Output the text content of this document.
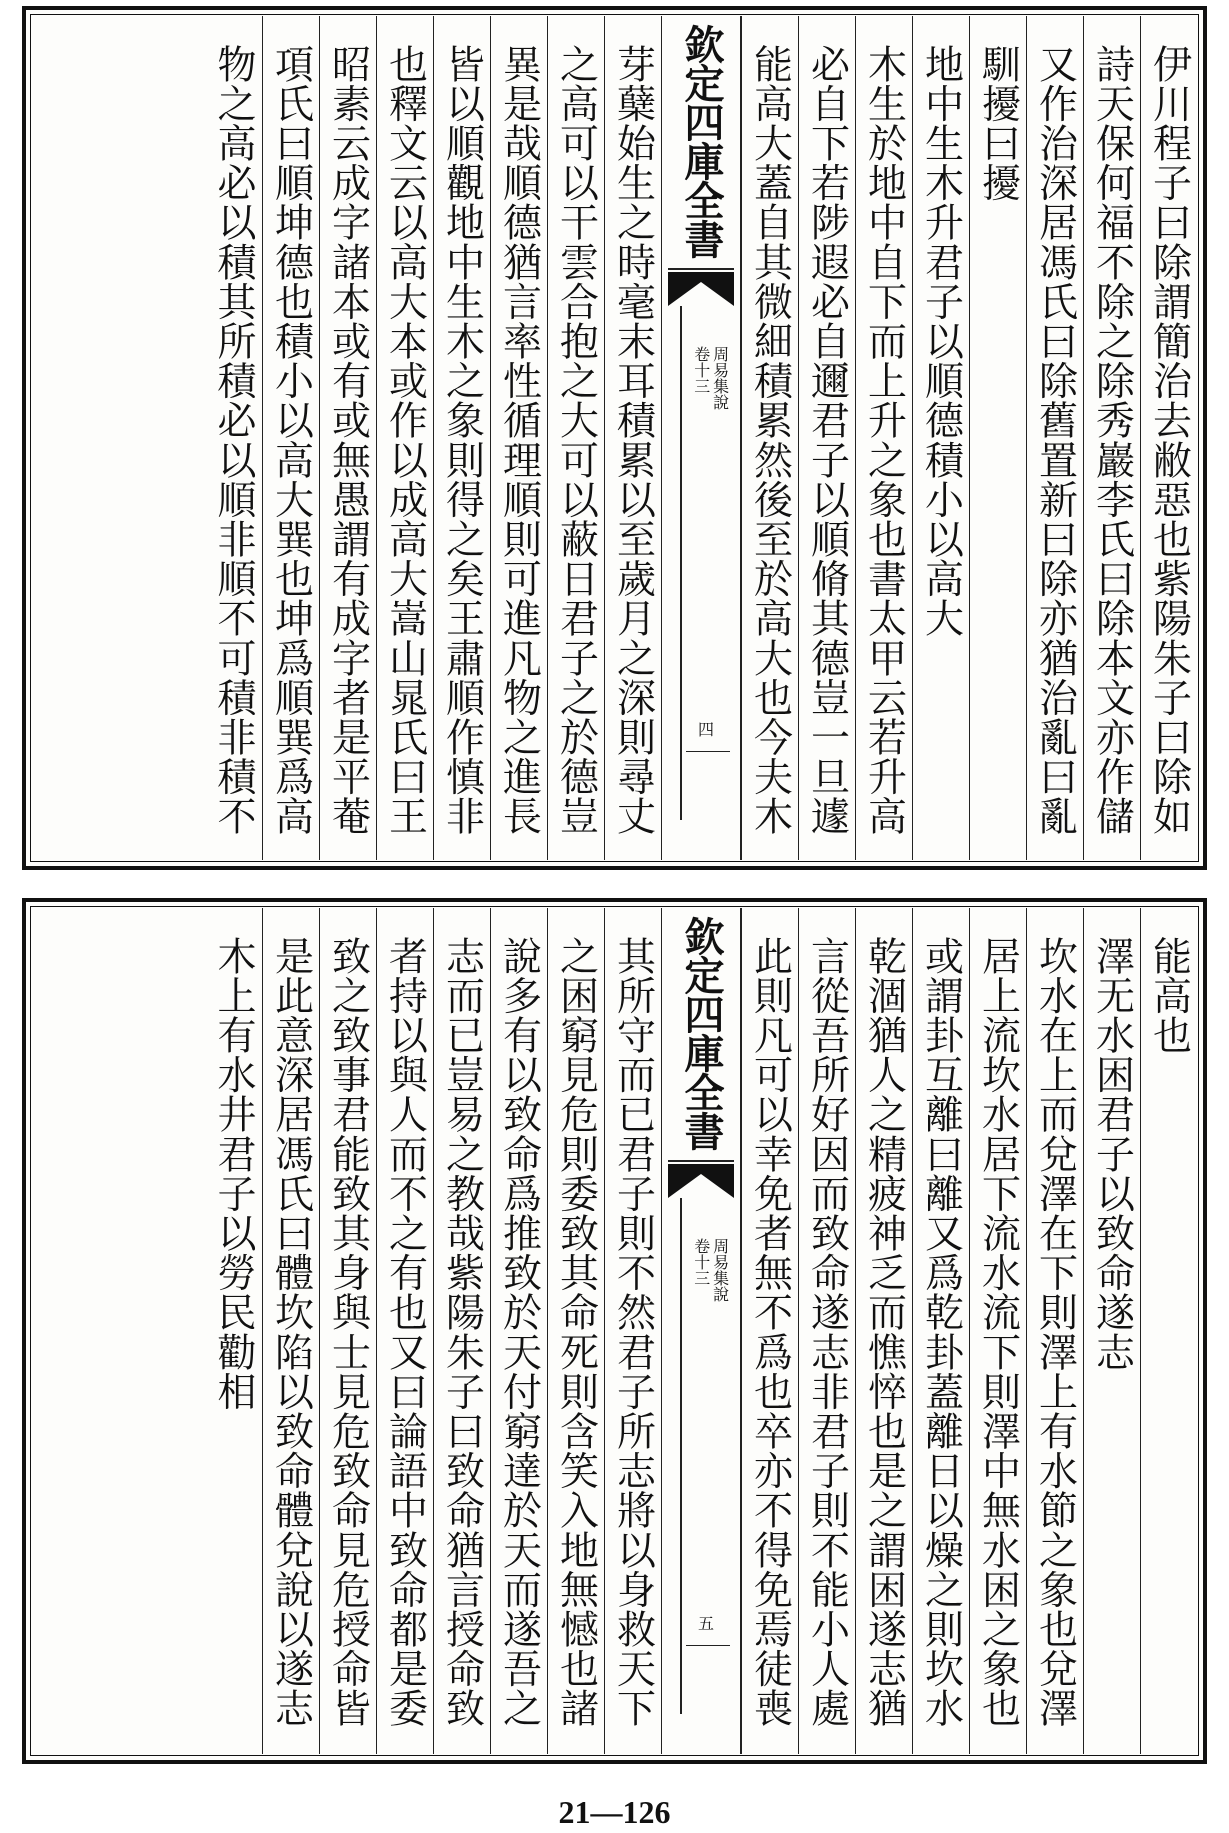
伊川程子曰除謂簡治去敝惡也紫陽朱子曰除如
詩天保何福不除之除秀巖李氏曰除本文亦作儲
又作治深居馮氏曰除舊置新曰除亦猶治亂曰亂
馴擾曰擾
地中生木升君子以順德積小以高大
木生於地中自下而上升之象也書太甲云若升高
必自下若陟遐必自邇君子以順脩其德豈一旦遽
能高大蓋自其微細積累然後至於高大也今夫木
欽定四庫全書
周易集說
卷十三
四
芽蘖始生之時毫末耳積累以至歲月之深則尋丈
之高可以干雲合抱之大可以蔽日君子之於德豈
異是哉順德猶言率性循理順則可進凡物之進長
皆以順觀地中生木之象則得之矣王肅順作慎非
也釋文云以高大本或作以成高大嵩山晁氏曰王
昭素云成字諸本或有或無愚謂有成字者是平菴
項氏曰順坤德也積小以高大巽也坤爲順巽爲高
物之高必以積其所積必以順非順不可積非積不
能高也
澤无水困君子以致命遂志
坎水在上而兌澤在下則澤上有水節之象也兌澤
居上流坎水居下流水流下則澤中無水困之象也
或謂卦互離曰離又爲乾卦蓋離日以燥之則坎水
乾涸猶人之精疲神乏而憔悴也是之謂困遂志猶
言從吾所好因而致命遂志非君子則不能小人處
此則凡可以幸免者無不爲也卒亦不得免焉徒喪
欽定四庫全書
周易集說
卷十三
五
其所守而已君子則不然君子所志將以身救天下
之困窮見危則委致其命死則含笑入地無憾也諸
說多有以致命爲推致於天付窮達於天而遂吾之
志而已豈易之教哉紫陽朱子曰致命猶言授命致
者持以與人而不之有也又曰論語中致命都是委
致之致事君能致其身與士見危致命見危授命皆
是此意深居馮氏曰體坎陷以致命體兌說以遂志
木上有水井君子以勞民勸相
21—126
